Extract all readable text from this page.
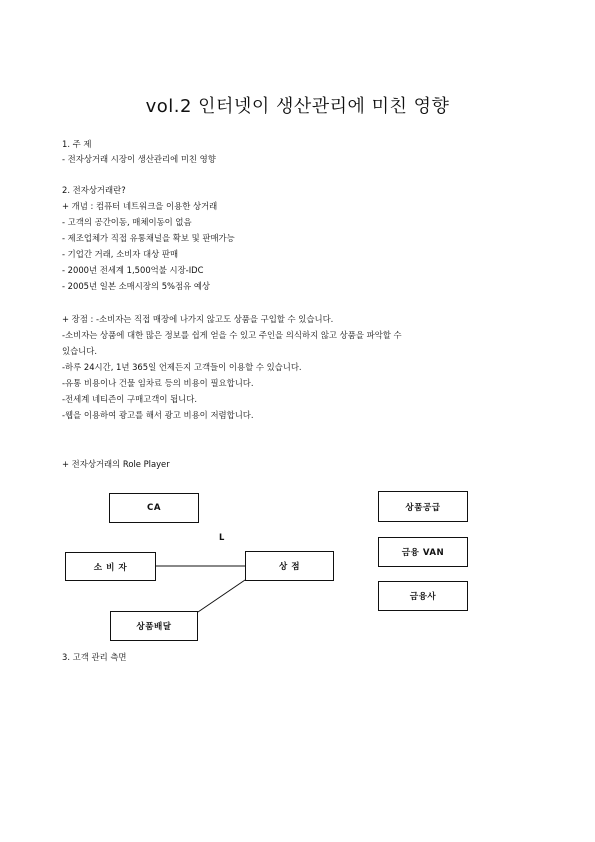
vol.2 인터넷이 생산관리에 미친 영향
1. 주 제
- 전자상거래 시장이 생산관리에 미친 영향
2. 전자상거래란?
+ 개념 : 컴퓨터 네트워크을 이용한 상거래
- 고객의 공간이동, 매체이동이 없음
- 제조업체가 직접 유통채널을 확보 및 판매가능
- 기업간 거래, 소비자 대상 판매
- 2000년 전세계 1,500억불 시장-IDC
- 2005년 일본 소매시장의 5%점유 예상
+ 장점 : -소비자는 직접 매장에 나가지 않고도 상품을 구입할 수 있습니다.
-소비자는 상품에 대한 많은 정보를 쉽게 얻을 수 있고 주인을 의식하지 않고 상품을 파악할 수
있습니다.
-하루 24시간, 1년 365일 언제든지 고객들이 이용할 수 있습니다.
-유통 비용이나 건물 임차료 등의 비용이 필요합니다.
-전세계 네티즌이 구매고객이 됩니다.
-웹을 이용하여 광고를 해서 광고 비용이 저렴합니다.
+ 전자상거래의 Role Player
CA
L
소 비 자	상 점
상품배달
상품공급
금융 VAN
금융사
3. 고객 관리 측면
